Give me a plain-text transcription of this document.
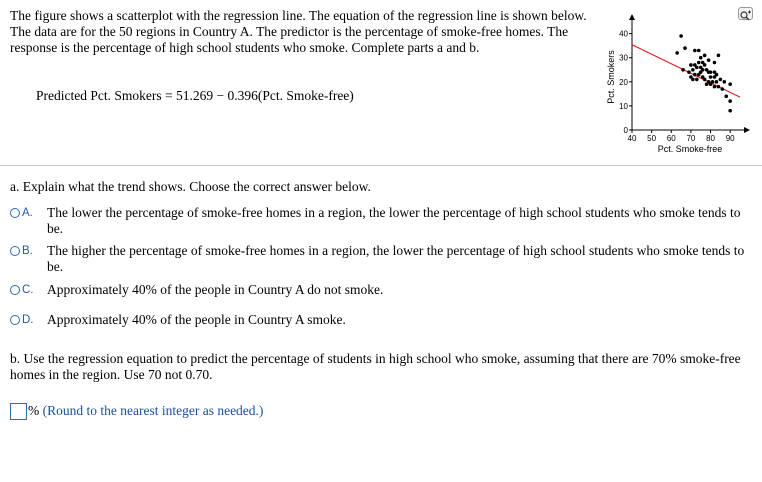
The figure shows a scatterplot with the regression line. The equation of the regression line is shown below. The data are for the 50 regions in Country A. The predictor is the percentage of smoke-free homes. The response is the percentage of high school students who smoke. Complete parts a and b.
Predicted Pct. Smokers = 51.269 − 0.396(Pct. Smoke-free)
0
10
20
30
40
40 50 60 70 80 90
Pct. Smoke-free
Pct. Smokers
a. Explain what the trend shows. Choose the correct answer below.
A. The lower the percentage of smoke-free homes in a region, the lower the percentage of high school students who smoke tends to be.
B. The higher the percentage of smoke-free homes in a region, the lower the percentage of high school students who smoke tends to be.
C. Approximately 40% of the people in Country A do not smoke.
D. Approximately 40% of the people in Country A smoke.
b. Use the regression equation to predict the percentage of students in high school who smoke, assuming that there are 70% smoke-free homes in the region. Use 70 not 0.70.
% (Round to the nearest integer as needed.)
